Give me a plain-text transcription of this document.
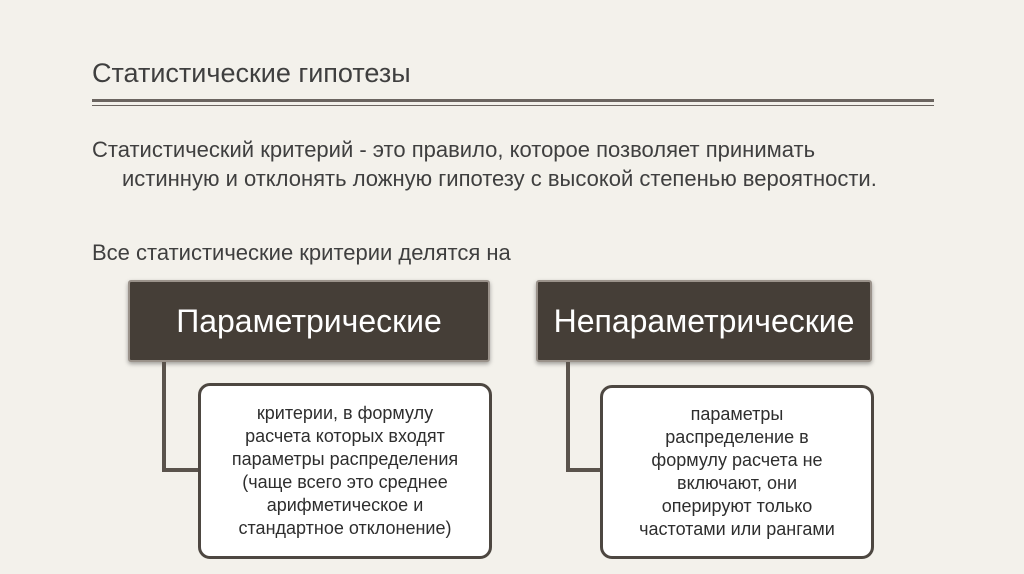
Статистические гипотезы
Статистический критерий - это правило, которое позволяет принимать истинную и отклонять ложную гипотезу с высокой степенью вероятности.
Все статистические критерии делятся на
Параметрические	Непараметрические
критерии, в формулу
расчета которых входят
параметры распределения
(чаще всего это среднее
арифметическое и
стандартное отклонение)
параметры
распределение в
формулу расчета не
включают, они
оперируют только
частотами или рангами
